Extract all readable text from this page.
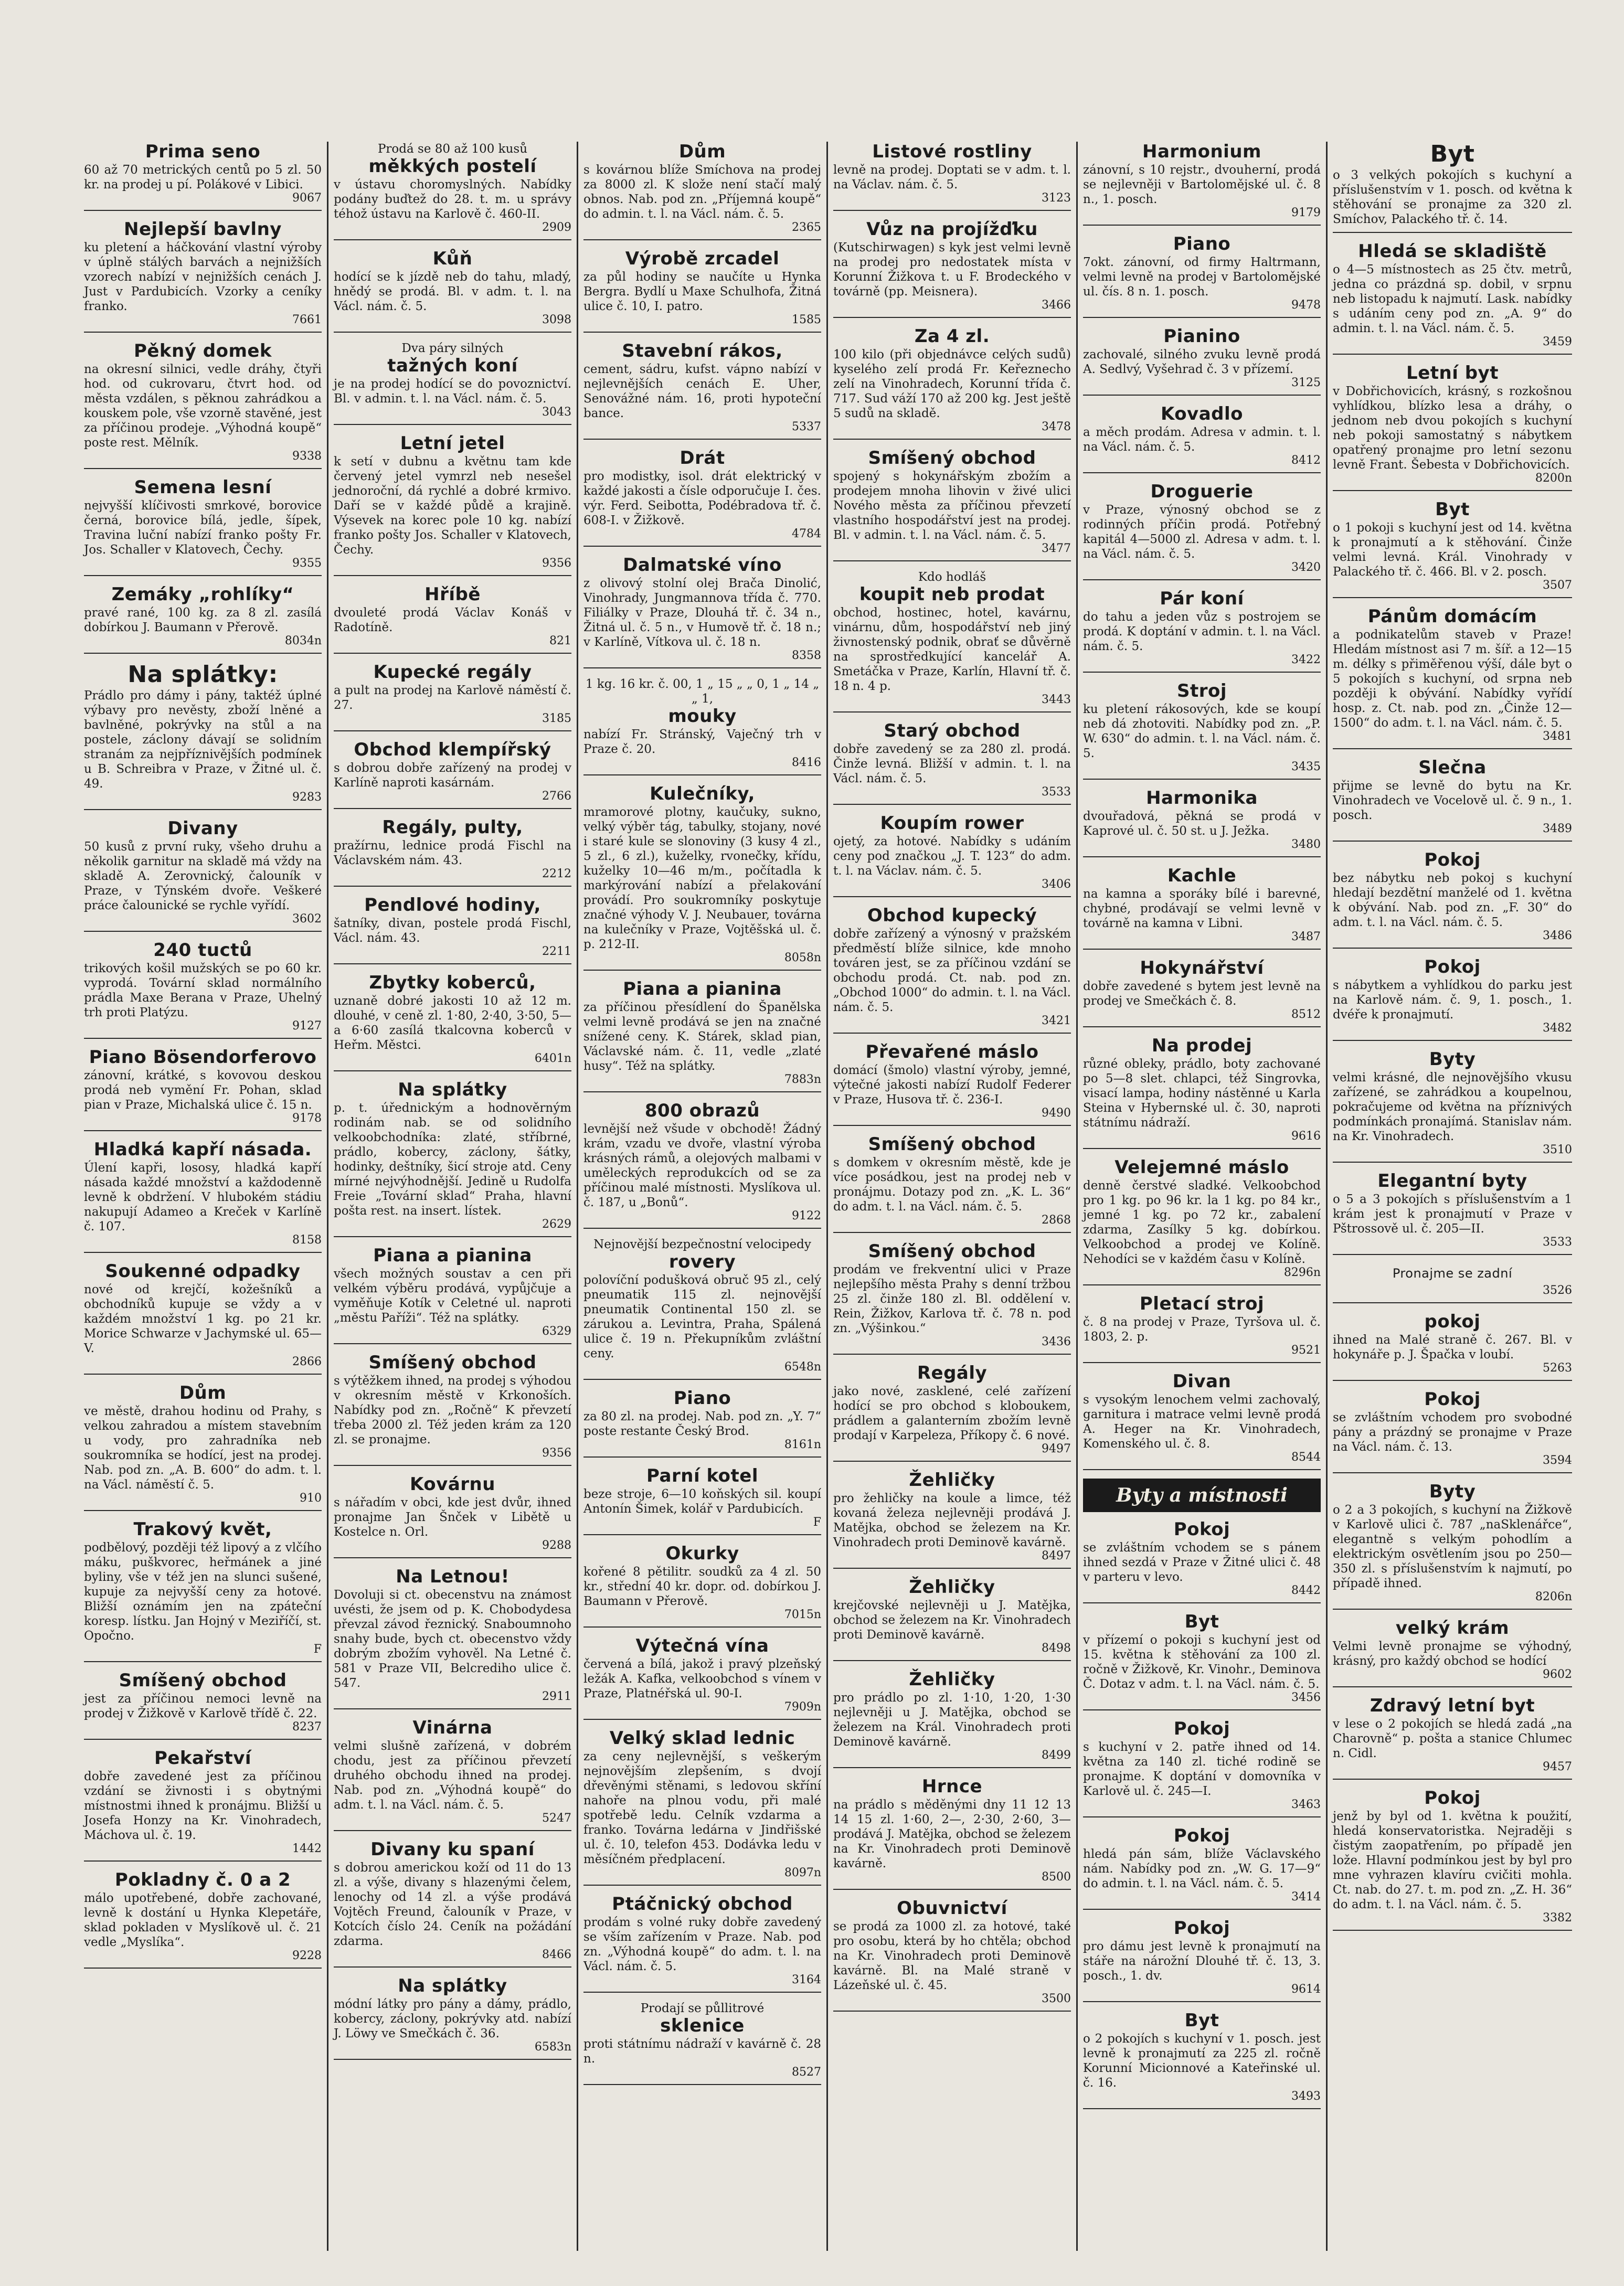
Prima seno

60 až 70 metrických centů po 5 zl. 50 kr. na prodej u pí. Polákové v Libici.

9067
Nejlepší bavlny

ku pletení a háčkování vlastní výroby v úplně stálých barvách a nejnižších vzorech nabízí v nejnižších cenách J. Just v Pardubicích. Vzorky a ceníky franko.

7661
Pěkný domek

na okresní silnici, vedle dráhy, čtyři hod. od cukrovaru, čtvrt hod. od města vzdálen, s pěknou zahrádkou a kouskem pole, vše vzorně stavěné, jest za příčinou prodeje. „Výhodná koupě“ poste rest. Mělník.

9338
Semena lesní

nejvyšší klíčivosti smrkové, borovice černá, borovice bílá, jedle, šípek, Travina luční nabízí franko pošty Fr. Jos. Schaller v Klatovech, Čechy.

9355
Zemáky „rohlíky“

pravé rané, 100 kg. za 8 zl. zasílá dobírkou J. Baumann v Přerově.

8034n
Na splátky:

Prádlo pro dámy i pány, taktéž úplné výbavy pro nevěsty, zboží lněné a bavlněné, pokrývky na stůl a na postele, záclony dávají se solidním stranám za nejpříznivějších podmínek u B. Schreibra v Praze, v Žitné ul. č. 49.

9283
Divany

50 kusů z první ruky, všeho druhu a několik garnitur na skladě má vždy na skladě A. Zerovnický, čalouník v Praze, v Týnském dvoře. Veškeré práce čalounické se rychle vyřídí.

3602
240 tuctů

trikových košil mužských se po 60 kr. vyprodá. Tovární sklad normálního prádla Maxe Berana v Praze, Uhelný trh proti Platýzu.

9127
Piano Bösendorferovo

zánovní, krátké, s kovovou deskou prodá neb vymění Fr. Pohan, sklad pian v Praze, Michalská ulice č. 15 n.

9178
Hladká kapří násada.

Úlení kapři, lososy, hladká kapří násada každé množství a každodenně levně k obdržení. V hlubokém stádiu nakupují Adameo a Kreček v Karlíně č. 107.

8158
Soukenné odpadky

nové od krejčí, kožešníků a obchodníků kupuje se vždy a v každém množství 1 kg. po 21 kr. Morice Schwarze v Jachymské ul. 65—V.

2866
Dům

ve městě, drahou hodinu od Prahy, s velkou zahradou a místem stavebním u vody, pro zahradníka neb soukromníka se hodící, jest na prodej. Nab. pod zn. „A. B. 600“ do adm. t. l. na Václ. náměstí č. 5.

910
Trakový květ,

podbělový, později též lipový a z vlčího máku, puškvorec, heřmánek a jiné byliny, vše v též jen na slunci sušené, kupuje za nejvyšší ceny za hotové. Bližší oznámím jen na zpáteční koresp. lístku. Jan Hojný v Meziříčí, st. Opočno.

F
Smíšený obchod

jest za příčinou nemoci levně na prodej v Žižkově v Karlově třídě č. 22.

8237
Pekařství

dobře zavedené jest za příčinou vzdání se živnosti i s obytnými místnostmi ihned k pronájmu. Bližší u Josefa Honzy na Kr. Vinohradech, Máchova ul. č. 19.

1442
Pokladny č. 0 a 2

málo upotřebené, dobře zachované, levně k dostání u Hynka Klepetáře, sklad pokladen v Myslíkově ul. č. 21 vedle „Myslíka“.

9228

Prodá se 80 až 100 kusů

měkkých postelí

v ústavu choromyslných. Nabídky podány buďtež do 28. t. m. u správy téhož ústavu na Karlově č. 460-II.

2909
Kůň

hodící se k jízdě neb do tahu, mladý, hnědý se prodá. Bl. v adm. t. l. na Václ. nám. č. 5.

3098

Dva páry silných

tažných koní

je na prodej hodící se do povoznictví. Bl. v admin. t. l. na Václ. nám. č. 5.

3043
Letní jetel

k setí v dubnu a květnu tam kde červený jetel vymrzl neb nesešel jednoroční, dá rychlé a dobré krmivo. Daří se v každé půdě a krajině. Výsevek na korec pole 10 kg. nabízí franko pošty Jos. Schaller v Klatovech, Čechy.

9356
Hříbě

dvouleté prodá Václav Konáš v Radotíně.

821
Kupecké regály

a pult na prodej na Karlově náměstí č. 27.

3185
Obchod klempířský

s dobrou dobře zařízený na prodej v Karlíně naproti kasárnám.

2766
Regály, pulty,

pražírnu, lednice prodá Fischl na Václavském nám. 43.

2212
Pendlové hodiny,

šatníky, divan, postele prodá Fischl, Václ. nám. 43.

2211
Zbytky koberců,

uznaně dobré jakosti 10 až 12 m. dlouhé, v ceně zl. 1·80, 2·40, 3·50, 5— a 6·60 zasílá tkalcovna koberců v Heřm. Městci.

6401n
Na splátky

p. t. úřednickým a hodnověrným rodinám nab. se od solidního velkoobchodníka: zlaté, stříbrné, prádlo, kobercy, záclony, šátky, hodinky, deštníky, šicí stroje atd. Ceny mírné nejvýhodnější. Jedině u Rudolfa Freie „Tovární sklad“ Praha, hlavní pošta rest. na insert. lístek.

2629
Piana a pianina

všech možných soustav a cen při velkém výběru prodává, vypůjčuje a vyměňuje Kotík v Celetné ul. naproti „městu Paříži“. Též na splátky.

6329
Smíšený obchod

s výtěžkem ihned, na prodej s výhodou v okresním městě v Krkonoších. Nabídky pod zn. „Ročně“ K převzetí třeba 2000 zl. Též jeden krám za 120 zl. se pronajme.

9356
Kovárnu

s nářadím v obci, kde jest dvůr, ihned pronajme Jan Šnček v Libětě u Kostelce n. Orl.

9288
Na Letnou!

Dovoluji si ct. obecenstvu na známost uvésti, že jsem od p. K. Chobodydesa převzal závod řeznický. Snaboumnoho snahy bude, bych ct. obecenstvo vždy dobrým zbožím vyhověl. Na Letné č. 581 v Praze VII, Belcrediho ulice č. 547.

2911
Vinárna

velmi slušně zařízená, v dobrém chodu, jest za příčinou převzetí druhého obchodu ihned na prodej. Nab. pod zn. „Výhodná koupě“ do adm. t. l. na Václ. nám. č. 5.

5247
Divany ku spaní

s dobrou americkou koží od 11 do 13 zl. a výše, divany s hlazenými čelem, lenochy od 14 zl. a výše prodává Vojtěch Freund, čalouník v Praze, v Kotcích číslo 24. Ceník na požádání zdarma.

8466
Na splátky

módní látky pro pány a dámy, prádlo, kobercy, záclony, pokrývky atd. nabízí J. Löwy ve Smečkách č. 36.

6583n
Dům

s kovárnou blíže Smíchova na prodej za 8000 zl. K slože není stačí malý obnos. Nab. pod zn. „Příjemná koupě“ do admin. t. l. na Václ. nám. č. 5.

2365
Výrobě zrcadel

za půl hodiny se naučíte u Hynka Bergra. Bydlí u Maxe Schulhofa, Žitná ulice č. 10, I. patro.

1585
Stavební rákos,

cement, sádru, kufst. vápno nabízí v nejlevnějších cenách E. Uher, Senovážné nám. 16, proti hypoteční bance.

5337
Drát

pro modistky, isol. drát elektrický v každé jakosti a čísle odporučuje I. čes. výr. Ferd. Seibotta, Podébradova tř. č. 608-I. v Žižkově.

4784
Dalmatské víno

z olivový stolní olej Brača Dinolić, Vinohrady, Jungmannova třída č. 770. Filiálky v Praze, Dlouhá tř. č. 34 n., Žitná ul. č. 5 n., v Humově tř. č. 18 n.; v Karlíně, Vítkova ul. č. 18 n.

8358

1 kg. 16 kr. č. 00, 1 „ 15 „ „ 0, 1 „ 14 „ „ 1,

mouky

nabízí Fr. Stránský, Vaječný trh v Praze č. 20.

8416
Kulečníky,

mramorové plotny, kaučuky, sukno, velký výběr tág, tabulky, stojany, nové i staré kule se slonoviny (3 kusy 4 zl., 5 zl., 6 zl.), kuželky, rvonečky, křídu, kuželky 10—46 m/m., počítadla k markýrování nabízí a přelakování provádí. Pro soukromníky poskytuje značné výhody V. J. Neubauer, továrna na kulečníky v Praze, Vojtěšská ul. č. p. 212-II.

8058n
Piana a pianina

za příčinou přesídlení do Španělska velmi levně prodává se jen na značné snížené ceny. K. Stárek, sklad pian, Václavské nám. č. 11, vedle „zlaté husy“. Též na splátky.

7883n
800 obrazů

levnější než všude v obchodě! Žádný krám, vzadu ve dvoře, vlastní výroba krásných rámů, a olejových malbami v uměleckých reprodukcích od se za příčinou malé místnosti. Myslíkova ul. č. 187, u „Bonů“.

9122

Nejnovější bezpečnostní velocipedy

rovery

polovíční podušková obruč 95 zl., celý pneumatik 115 zl. nejnovější pneumatik Continental 150 zl. se zárukou a. Levintra, Praha, Spálená ulice č. 19 n. Překupníkům zvláštní ceny.

6548n
Piano

za 80 zl. na prodej. Nab. pod zn. „Y. 7“ poste restante Český Brod.

8161n
Parní kotel

beze stroje, 6—10 koňských sil. koupí Antonín Šimek, kolář v Pardubicích.

F
Okurky

kořené 8 pětilitr. soudků za 4 zl. 50 kr., střední 40 kr. dopr. od. dobírkou J. Baumann v Přerově.

7015n
Výtečná vína

červená a bílá, jakož i pravý plzeňský ležák A. Kafka, velkoobchod s vínem v Praze, Platnéřská ul. 90-I.

7909n
Velký sklad lednic

za ceny nejlevnější, s veškerým nejnovějším zlepšením, s dvojí dřevěnými stěnami, s ledovou skříní nahoře na plnou vodu, při malé spotřebě ledu. Celník vzdarma a franko. Továrna ledárna v Jindřišské ul. č. 10, telefon 453. Dodávka ledu v měsíčném předplacení.

8097n
Ptáčnický obchod

prodám s volné ruky dobře zavedený se vším zařízením v Praze. Nab. pod zn. „Výhodná koupě“ do adm. t. l. na Václ. nám. č. 5.

3164

Prodají se půllitrové

sklenice

proti státnímu nádraží v kavárně č. 28 n.

8527
Listové rostliny

levně na prodej. Doptati se v adm. t. l. na Václav. nám. č. 5.

3123
Vůz na projížďku

(Kutschirwagen) s kyk jest velmi levně na prodej pro nedostatek místa v Korunní Žižkova t. u F. Brodeckého v továrně (pp. Meisnera).

3466
Za 4 zl.

100 kilo (při objednávce celých sudů) kyselého zelí prodá Fr. Keřeznecho zelí na Vinohradech, Korunní třída č. 717. Sud váží 170 až 200 kg. Jest ještě 5 sudů na skladě.

3478
Smíšený obchod

spojený s hokynářským zbožím a prodejem mnoha lihovin v živé ulici Nového města za příčinou převzetí vlastního hospodářství jest na prodej. Bl. v admin. t. l. na Václ. nám. č. 5.

3477

Kdo hodláš

koupit neb prodat

obchod, hostinec, hotel, kavárnu, vinárnu, dům, hospodářství neb jiný živnostenský podnik, obrať se důvěrně na sprostředkující kancelář A. Smetáčka v Praze, Karlín, Hlavní tř. č. 18 n. 4 p.

3443
Starý obchod

dobře zavedený se za 280 zl. prodá. Činže levná. Bližší v admin. t. l. na Václ. nám. č. 5.

3533
Koupím rower

ojetý, za hotové. Nabídky s udáním ceny pod značkou „J. T. 123“ do adm. t. l. na Václav. nám. č. 5.

3406
Obchod kupecký

dobře zařízený a výnosný v pražském předměstí blíže silnice, kde mnoho továren jest, se za příčinou vzdání se obchodu prodá. Ct. nab. pod zn. „Obchod 1000“ do admin. t. l. na Václ. nám. č. 5.

3421
Převařené máslo

domácí (šmolo) vlastní výroby, jemné, výtečné jakosti nabízí Rudolf Federer v Praze, Husova tř. č. 236-I.

9490
Smíšený obchod

s domkem v okresním městě, kde je více posádkou, jest na prodej neb v pronájmu. Dotazy pod zn. „K. L. 36“ do adm. t. l. na Václ. nám. č. 5.

2868
Smíšený obchod

prodám ve frekventní ulici v Praze nejlepšího města Prahy s denní tržbou 25 zl. činže 180 zl. Bl. oddělení v. Rein, Žižkov, Karlova tř. č. 78 n. pod zn. „Výšinkou.“

3436
Regály

jako nové, zasklené, celé zařízení hodící se pro obchod s kloboukem, prádlem a galanterním zbožím levně prodají v Karpeleza, Příkopy č. 6 nové.

9497
Žehličky

pro žehličky na koule a limce, též kovaná železa nejlevněji prodává J. Matějka, obchod se železem na Kr. Vinohradech proti Deminově kavárně.

8497
Žehličky

krejčovské nejlevněji u J. Matějka, obchod se železem na Kr. Vinohradech proti Deminově kavárně.

8498
Žehličky

pro prádlo po zl. 1·10, 1·20, 1·30 nejlevněji u J. Matějka, obchod se železem na Král. Vinohradech proti Deminově kavárně.

8499
Hrnce

na prádlo s měděnými dny 11 12 13 14 15 zl. 1·60, 2—, 2·30, 2·60, 3— prodává J. Matějka, obchod se železem na Kr. Vinohradech proti Deminově kavárně.

8500
Obuvnictví

se prodá za 1000 zl. za hotové, také pro osobu, která by ho chtěla; obchod na Kr. Vinohradech proti Deminově kavárně. Bl. na Malé straně v Lázeňské ul. č. 45.

3500
Harmonium

zánovní, s 10 rejstr., dvouherní, prodá se nejlevněji v Bartolomějské ul. č. 8 n., 1. posch.

9179
Piano

7okt. zánovní, od firmy Haltrmann, velmi levně na prodej v Bartolomějské ul. čís. 8 n. 1. posch.

9478
Pianino

zachovalé, silného zvuku levně prodá A. Sedlvý, Vyšehrad č. 3 v přízemí.

3125
Kovadlo

a měch prodám. Adresa v admin. t. l. na Václ. nám. č. 5.

8412
Droguerie

v Praze, výnosný obchod se z rodinných příčin prodá. Potřebný kapitál 4—5000 zl. Adresa v adm. t. l. na Václ. nám. č. 5.

3420
Pár koní

do tahu a jeden vůz s postrojem se prodá. K doptání v admin. t. l. na Václ. nám. č. 5.

3422
Stroj

ku pletení rákosových, kde se koupí neb dá zhotoviti. Nabídky pod zn. „P. W. 630“ do admin. t. l. na Václ. nám. č. 5.

3435
Harmonika

dvouřadová, pěkná se prodá v Kaprové ul. č. 50 st. u J. Ježka.

3480
Kachle

na kamna a sporáky bílé i barevné, chybné, prodávají se velmi levně v továrně na kamna v Libni.

3487
Hokynářství

dobře zavedené s bytem jest levně na prodej ve Smečkách č. 8.

8512
Na prodej

různé obleky, prádlo, boty zachované po 5—8 slet. chlapci, též Singrovka, visací lampa, hodiny nástěnné u Karla Steina v Hybernské ul. č. 30, naproti státnímu nádraží.

9616
Velejemné máslo

denně čerstvé sladké. Velkoobchod pro 1 kg. po 96 kr. la 1 kg. po 84 kr., jemné 1 kg. po 72 kr., zabalení zdarma, Zasílky 5 kg. dobírkou. Velkoobchod a prodej ve Kolíně. Nehodíci se v každém času v Kolíně.

8296n
Pletací stroj

č. 8 na prodej v Praze, Tyršova ul. č. 1803, 2. p.

9521
Divan

s vysokým lenochem velmi zachovalý, garnitura i matrace velmi levně prodá A. Heger na Kr. Vinohradech, Komenského ul. č. 8.

8544
Byty a místnosti
Pokoj

se zvláštním vchodem se s pánem ihned sezdá v Praze v Žitné ulici č. 48 v parteru v levo.

8442
Byt

v přízemí o pokoji s kuchyní jest od 15. května k stěhování za 100 zl. ročně v Žižkově, Kr. Vinohr., Deminova Č. Dotaz v adm. t. l. na Václ. nám. č. 5.

3456
Pokoj

s kuchyní v 2. patře ihned od 14. května za 140 zl. tiché rodině se pronajme. K doptání v domovníka v Karlově ul. č. 245—I.

3463
Pokoj

hledá pán sám, blíže Václavského nám. Nabídky pod zn. „W. G. 17—9“ do admin. t. l. na Václ. nám. č. 5.

3414
Pokoj

pro dámu jest levně k pronajmutí na stáře na nárožní Dlouhé tř. č. 13, 3. posch., 1. dv.

9614
Byt

o 2 pokojích s kuchyní v 1. posch. jest levně k pronajmutí za 225 zl. ročně Korunní Micionnové a Kateřinské ul. č. 16.

3493
Byt

o 3 velkých pokojích s kuchyní a příslušenstvím v 1. posch. od května k stěhování se pronajme za 320 zl. Smíchov, Palackého tř. č. 14.

Hledá se skladiště

o 4—5 místnostech as 25 čtv. metrů, jedna co prázdná sp. dobil, v srpnu neb listopadu k najmutí. Lask. nabídky s udáním ceny pod zn. „A. 9“ do admin. t. l. na Václ. nám. č. 5.

3459
Letní byt

v Dobřichovicích, krásný, s rozkošnou vyhlídkou, blízko lesa a dráhy, o jednom neb dvou pokojích s kuchyní neb pokoji samostatný s nábytkem opatřený pronajme pro letní sezonu levně Frant. Šebesta v Dobřichovicích.

8200n
Byt

o 1 pokoji s kuchyní jest od 14. května k pronajmutí a k stěhování. Činže velmi levná. Král. Vinohrady v Palackého tř. č. 466. Bl. v 2. posch.

3507
Pánům domácím

a podnikatelům staveb v Praze! Hledám místnost asi 7 m. šíř. a 12—15 m. délky s přiměřenou výší, dále byt o 5 pokojích s kuchyní, od srpna neb později k obývání. Nabídky vyřídí hosp. z. Ct. nab. pod zn. „Činže 12—1500“ do adm. t. l. na Václ. nám. č. 5.

3481
Slečna

přijme se levně do bytu na Kr. Vinohradech ve Vocelově ul. č. 9 n., 1. posch.

3489
Pokoj

bez nábytku neb pokoj s kuchyní hledají bezdětní manželé od 1. května k obývání. Nab. pod zn. „F. 30“ do adm. t. l. na Václ. nám. č. 5.

3486
Pokoj

s nábytkem a vyhlídkou do parku jest na Karlově nám. č. 9, 1. posch., 1. dvéře k pronajmutí.

3482
Byty

velmi krásné, dle nejnovějšího vkusu zařízené, se zahrádkou a koupelnou, pokračujeme od května na příznivých podmínkách pronajímá. Stanislav nám. na Kr. Vinohradech.

3510
Elegantní byty

o 5 a 3 pokojích s příslušenstvím a 1 krám jest k pronajmutí v Praze v Pštrossově ul. č. 205—II.

3533
Pronajme se zadní
3526
pokoj

ihned na Malé straně č. 267. Bl. v hokynáře p. J. Špačka v loubí.

5263
Pokoj

se zvláštním vchodem pro svobodné pány a prázdný se pronajme v Praze na Václ. nám. č. 13.

3594
Byty

o 2 a 3 pokojích, s kuchyní na Žižkově v Karlově ulici č. 787 „naSklenářce“, elegantně s velkým pohodlím a elektrickým osvětlením jsou po 250—350 zl. s příslušenstvím k najmutí, po případě ihned.

8206n
velký krám

Velmi levně pronajme se výhodný, krásný, pro každý obchod se hodící

9602
Zdravý letní byt

v lese o 2 pokojích se hledá zadá „na Charovně“ p. pošta a stanice Chlumec n. Cidl.

9457
Pokoj

jenž by byl od 1. května k použití, hledá konservatoristka. Nejraději s čistým zaopatřením, po případě jen lože. Hlavní podmínkou jest by byl pro mne vyhrazen klavíru cvičiti mohla. Ct. nab. do 27. t. m. pod zn. „Z. H. 36“ do adm. t. l. na Václ. nám. č. 5.

3382
